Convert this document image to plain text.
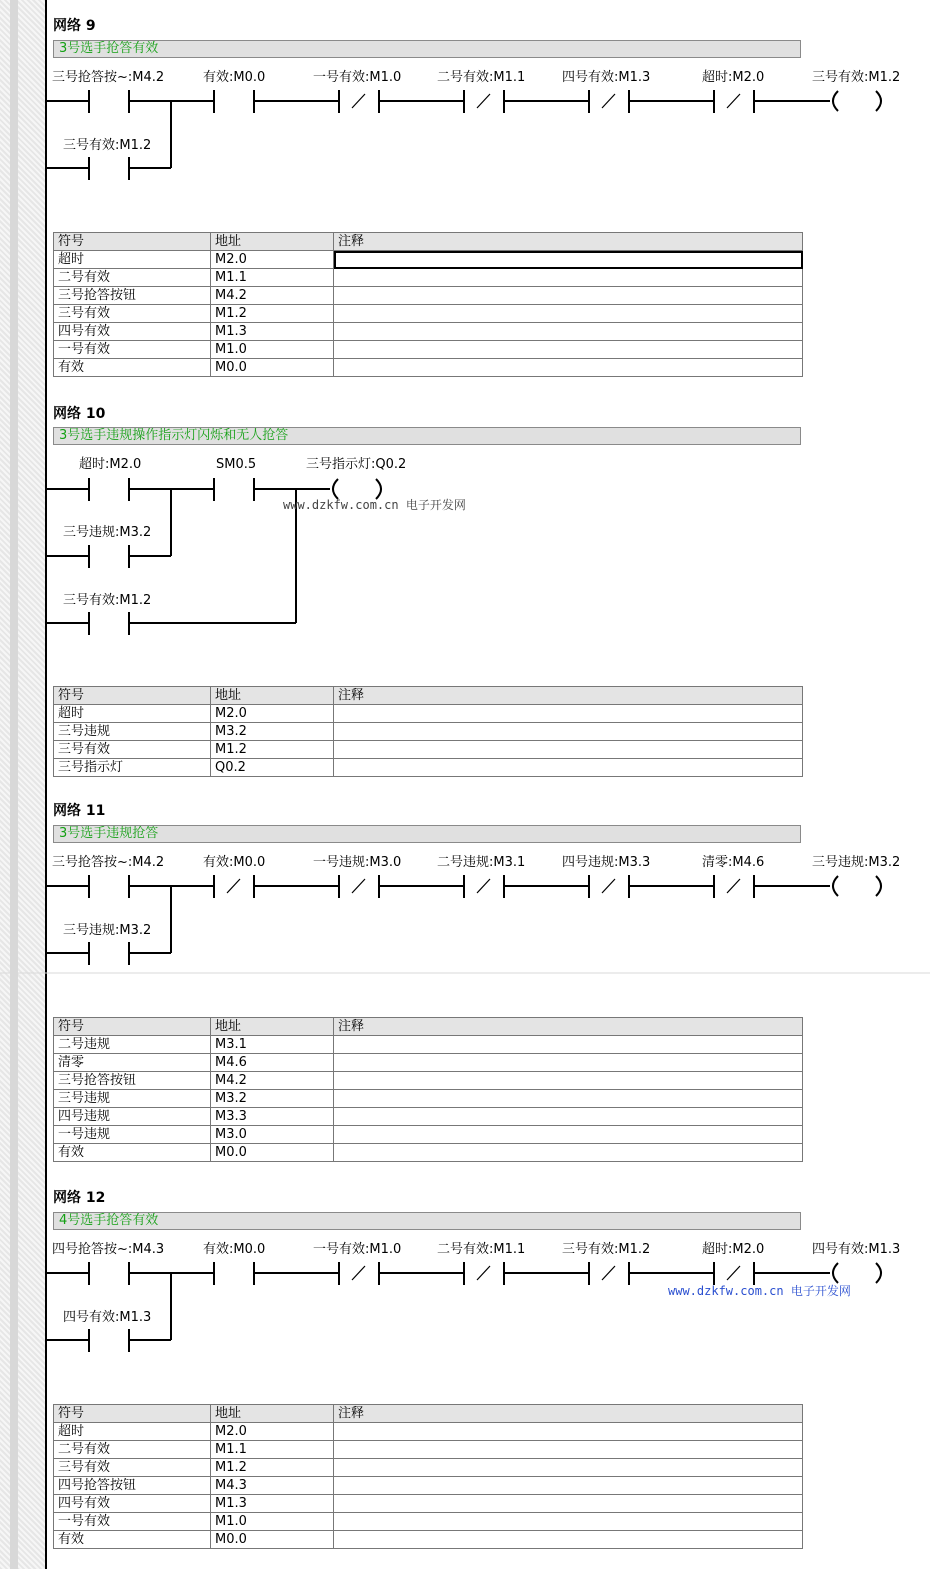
网络 9
3号选手抢答有效
三号抢答按~:M4.2	有效:M0.0	一号有效:M1.0	二号有效:M1.1	四号有效:M1.3	超时:M2.0	三号有效:M1.2
三号有效:M1.2
符号	地址	注释
超时	M2.0	
二号有效	M1.1	
三号抢答按钮	M4.2	
三号有效	M1.2	
四号有效	M1.3	
一号有效	M1.0	
有效	M0.0	
网络 10
3号选手违规操作指示灯闪烁和无人抢答
超时:M2.0	SM0.5	三号指示灯:Q0.2
三号违规:M3.2
三号有效:M1.2
符号	地址	注释
超时	M2.0	
三号违规	M3.2	
三号有效	M1.2	
三号指示灯	Q0.2	
网络 11
3号选手违规抢答
三号抢答按~:M4.2	有效:M0.0	一号违规:M3.0	二号违规:M3.1	四号违规:M3.3	清零:M4.6	三号违规:M3.2
三号违规:M3.2
符号	地址	注释
二号违规	M3.1	
清零	M4.6	
三号抢答按钮	M4.2	
三号违规	M3.2	
四号违规	M3.3	
一号违规	M3.0	
有效	M0.0	
网络 12
4号选手抢答有效
四号抢答按~:M4.3	有效:M0.0	一号有效:M1.0	二号有效:M1.1	三号有效:M1.2	超时:M2.0	四号有效:M1.3
四号有效:M1.3
符号	地址	注释
超时	M2.0	
二号有效	M1.1	
三号有效	M1.2	
四号抢答按钮	M4.3	
四号有效	M1.3	
一号有效	M1.0	
有效	M0.0	
www.dzkfw.com.cn 电子开发网
www.dzkfw.com.cn 电子开发网
